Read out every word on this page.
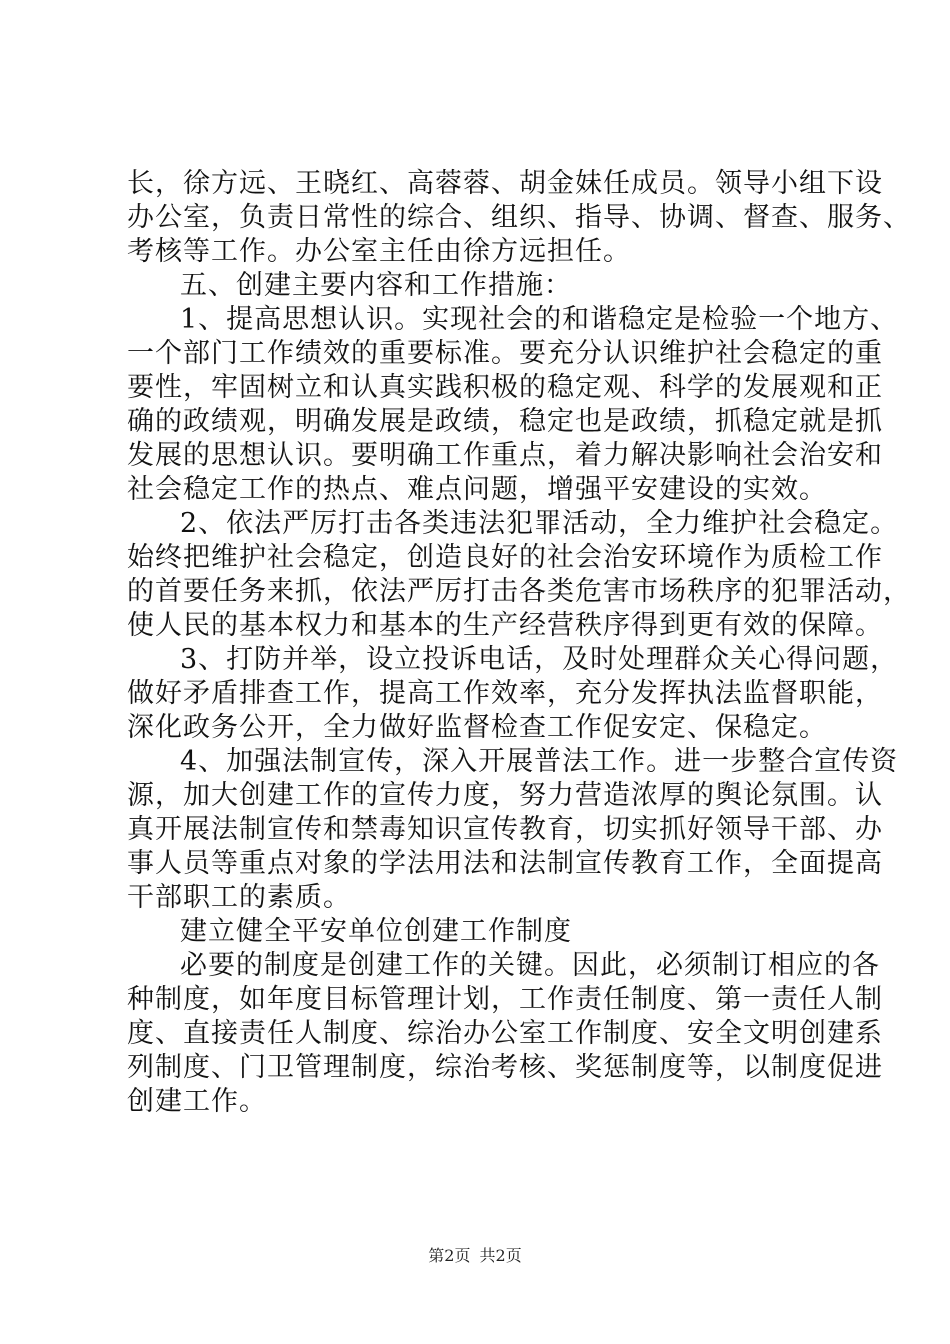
长，徐方远、王晓红、高蓉蓉、胡金妹任成员。领导小组下设
办公室，负责日常性的综合、组织、指导、协调、督查、服务、
考核等工作。办公室主任由徐方远担任。
五、创建主要内容和工作措施：
1、提高思想认识。实现社会的和谐稳定是检验一个地方、
一个部门工作绩效的重要标准。要充分认识维护社会稳定的重
要性，牢固树立和认真实践积极的稳定观、科学的发展观和正
确的政绩观，明确发展是政绩，稳定也是政绩，抓稳定就是抓
发展的思想认识。要明确工作重点，着力解决影响社会治安和
社会稳定工作的热点、难点问题，增强平安建设的实效。
2、依法严厉打击各类违法犯罪活动，全力维护社会稳定。
始终把维护社会稳定，创造良好的社会治安环境作为质检工作
的首要任务来抓，依法严厉打击各类危害市场秩序的犯罪活动，
使人民的基本权力和基本的生产经营秩序得到更有效的保障。
3、打防并举，设立投诉电话，及时处理群众关心得问题，
做好矛盾排查工作，提高工作效率，充分发挥执法监督职能，
深化政务公开，全力做好监督检查工作促安定、保稳定。
4、加强法制宣传，深入开展普法工作。进一步整合宣传资
源，加大创建工作的宣传力度，努力营造浓厚的舆论氛围。认
真开展法制宣传和禁毒知识宣传教育，切实抓好领导干部、办
事人员等重点对象的学法用法和法制宣传教育工作，全面提高
干部职工的素质。
建立健全平安单位创建工作制度
必要的制度是创建工作的关键。因此，必须制订相应的各
种制度，如年度目标管理计划，工作责任制度、第一责任人制
度、直接责任人制度、综治办公室工作制度、安全文明创建系
列制度、门卫管理制度，综治考核、奖惩制度等，以制度促进
创建工作。
第2页 共2页
